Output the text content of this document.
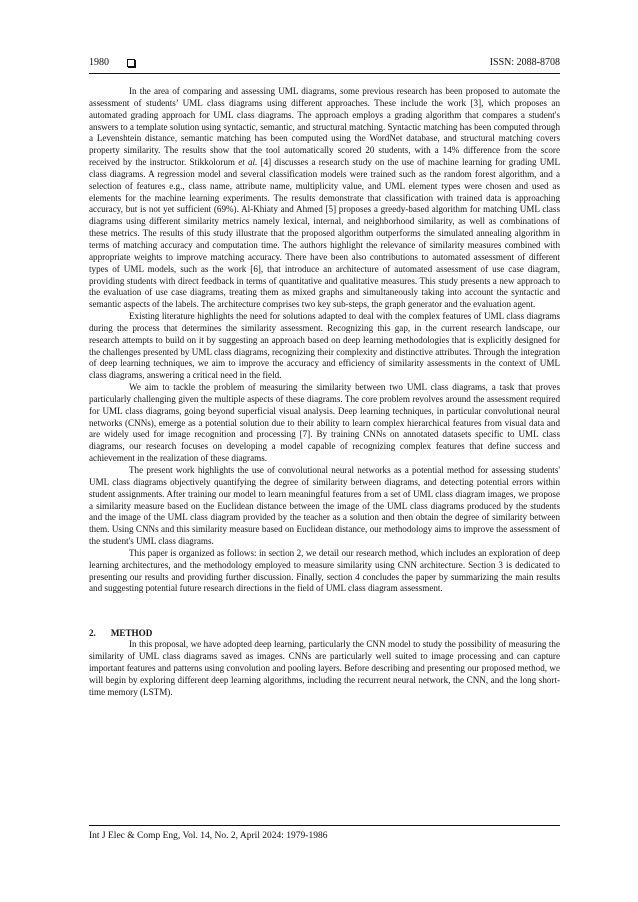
1980	ISSN: 2088-8708

In the area of comparing and assessing UML diagrams, some previous research has been proposed to automate the assessment of students’ UML class diagrams using different approaches. These include the work [3], which proposes an automated grading approach for UML class diagrams. The approach employs a grading algorithm that compares a student's answers to a template solution using syntactic, semantic, and structural matching. Syntactic matching has been computed through a Levenshtein distance, semantic matching has been computed using the WordNet database, and structural matching covers property similarity. The results show that the tool automatically scored 20 students, with a 14% difference from the score received by the instructor. Stikkolorum et al. [4] discusses a research study on the use of machine learning for grading UML class diagrams. A regression model and several classification models were trained such as the random forest algorithm, and a selection of features e.g., class name, attribute name, multiplicity value, and UML element types were chosen and used as elements for the machine learning experiments. The results demonstrate that classification with trained data is approaching accuracy, but is not yet sufficient (69%). Al-Khiaty and Ahmed [5] proposes a greedy-based algorithm for matching UML class diagrams using different similarity metrics namely lexical, internal, and neighborhood similarity, as well as combinations of these metrics. The results of this study illustrate that the proposed algorithm outperforms the simulated annealing algorithm in terms of matching accuracy and computation time. The authors highlight the relevance of similarity measures combined with appropriate weights to improve matching accuracy. There have been also contributions to automated assessment of different types of UML models, such as the work [6], that introduce an architecture of automated assessment of use case diagram, providing students with direct feedback in terms of quantitative and qualitative measures. This study presents a new approach to the evaluation of use case diagrams, treating them as mixed graphs and simultaneously taking into account the syntactic and semantic aspects of the labels. The architecture comprises two key sub-steps, the graph generator and the evaluation agent.

Existing literature highlights the need for solutions adapted to deal with the complex features of UML class diagrams during the process that determines the similarity assessment. Recognizing this gap, in the current research landscape, our research attempts to build on it by suggesting an approach based on deep learning methodologies that is explicitly designed for the challenges presented by UML class diagrams, recognizing their complexity and distinctive attributes. Through the integration of deep learning techniques, we aim to improve the accuracy and efficiency of similarity assessments in the context of UML class diagrams, answering a critical need in the field.

We aim to tackle the problem of measuring the similarity between two UML class diagrams, a task that proves particularly challenging given the multiple aspects of these diagrams. The core problem revolves around the assessment required for UML class diagrams, going beyond superficial visual analysis. Deep learning techniques, in particular convolutional neural networks (CNNs), emerge as a potential solution due to their ability to learn complex hierarchical features from visual data and are widely used for image recognition and processing [7]. By training CNNs on annotated datasets specific to UML class diagrams, our research focuses on developing a model capable of recognizing complex features that define success and achievement in the realization of these diagrams.

The present work highlights the use of convolutional neural networks as a potential method for assessing students' UML class diagrams objectively quantifying the degree of similarity between diagrams, and detecting potential errors within student assignments. After training our model to learn meaningful features from a set of UML class diagram images, we propose a similarity measure based on the Euclidean distance between the image of the UML class diagrams produced by the students and the image of the UML class diagram provided by the teacher as a solution and then obtain the degree of similarity between them. Using CNNs and this similarity measure based on Euclidean distance, our methodology aims to improve the assessment of the student's UML class diagrams.

This paper is organized as follows: in section 2, we detail our research method, which includes an exploration of deep learning architectures, and the methodology employed to measure similarity using CNN architecture. Section 3 is dedicated to presenting our results and providing further discussion. Finally, section 4 concludes the paper by summarizing the main results and suggesting potential future research directions in the field of UML class diagram assessment.

2. METHOD

In this proposal, we have adopted deep learning, particularly the CNN model to study the possibility of measuring the similarity of UML class diagrams saved as images. CNNs are particularly well suited to image processing and can capture important features and patterns using convolution and pooling layers. Before describing and presenting our proposed method, we will begin by exploring different deep learning algorithms, including the recurrent neural network, the CNN, and the long short-time memory (LSTM).

Int J Elec & Comp Eng, Vol. 14, No. 2, April 2024: 1979-1986
